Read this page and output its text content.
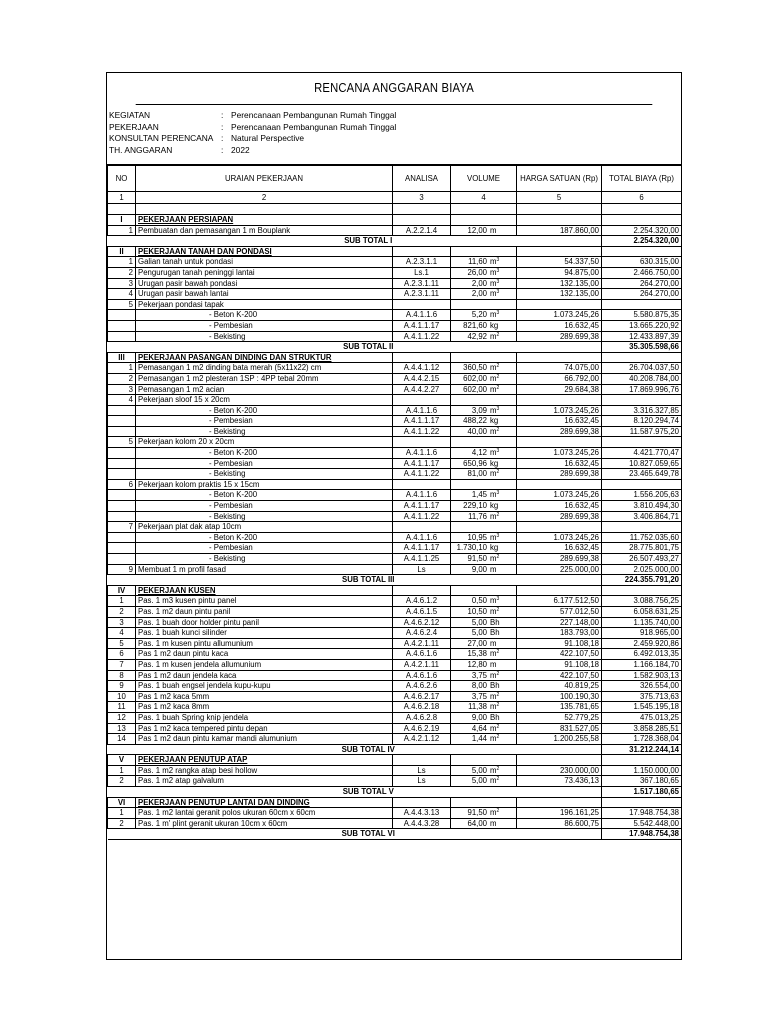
RENCANA ANGGARAN BIAYA
KEGIATAN	: Perencanaan Pembangunan Rumah Tinggal
PEKERJAAN	: Perencanaan Pembangunan Rumah Tinggal
KONSULTAN PERENCANA : Natural Perspective
TH. ANGGARAN	: 2022
NO	URAIAN PEKERJAAN	ANALISA	VOLUME	HARGA SATUAN (Rp)	TOTAL BIAYA (Rp)
1	2	3	4	5	6

I	PEKERJAAN PERSIAPAN				
1	Pembuatan dan pemasangan 1 m Bouplank	A.2.2.1.4	12,00 m	187.860,00	2.254.320,00
	SUB TOTAL I				2.254.320,00
II	PEKERJAAN TANAH DAN PONDASI				
1	Galian tanah untuk pondasi	A.2.3.1.1	11,60 $m^3$	54.337,50	630.315,00
2	Pengurugan tanah peninggi lantai	Ls.1	26,00 $m^3$	94.875,00	2.466.750,00
3	Urugan pasir bawah pondasi	A.2.3.1.11	2,00 $m^3$	132.135,00	264.270,00
4	Urugan pasir bawah lantai	A.2.3.1.11	2,00 $m^3$	132.135,00	264.270,00
5	Pekerjaan pondasi tapak				
	- Beton K-200	A.4.1.1.6	5,20 $m^3$	1.073.245,26	5.580.875,35
	- Pembesian	A.4.1.1.17	821,60 kg	16.632,45	13.665.220,92
	- Bekisting	A.4.1.1.22	42,92 $m^2$	289.699,38	12.433.897,39
	SUB TOTAL II				35.305.598,66
III	PEKERJAAN PASANGAN DINDING DAN STRUKTUR				
1	Pemasangan 1 m2 dinding bata merah (5x11x22) cm	A.4.4.1.12	360,50 $m^2$	74.075,00	26.704.037,50
2	Pemasangan 1 m2 plesteran 1SP : 4PP tebal 20mm	A.4.4.2.15	602,00 $m^2$	66.792,00	40.208.784,00
3	Pemasangan 1 m2 acian	A.4.4.2.27	602,00 $m^2$	29.684,38	17.869.996,76
4	Pekerjaan sloof 15 x 20cm				
	- Beton K-200	A.4.1.1.6	3,09 $m^3$	1.073.245,26	3.316.327,85
	- Pembesian	A.4.1.1.17	488,22 kg	16.632,45	8.120.294,74
	- Bekisting	A.4.1.1.22	40,00 $m^2$	289.699,38	11.587.975,20
5	Pekerjaan kolom 20 x 20cm				
	- Beton K-200	A.4.1.1.6	4,12 $m^3$	1.073.245,26	4.421.770,47
	- Pembesian	A.4.1.1.17	650,96 kg	16.632,45	10.827.059,65
	- Bekisting	A.4.1.1.22	81,00 $m^2$	289.699,38	23.465.649,78
6	Pekerjaan kolom praktis 15 x 15cm				
	- Beton K-200	A.4.1.1.6	1,45 $m^3$	1.073.245,26	1.556.205,63
	- Pembesian	A.4.1.1.17	229,10 kg	16.632,45	3.810.494,30
	- Bekisting	A.4.1.1.22	11,76 $m^2$	289.699,38	3.406.864,71
7	Pekerjaan plat dak atap 10cm				
	- Beton K-200	A.4.1.1.6	10,95 $m^3$	1.073.245,26	11.752.035,60
	- Pembesian	A.4.1.1.17	1.730,10 kg	16.632,45	28.775.801,75
	- Bekisting	A.4.1.1.25	91,50 $m^2$	289.699,38	26.507.493,27
9	Membuat 1 m profil fasad	Ls	9,00 m	225.000,00	2.025.000,00
	SUB TOTAL III				224.355.791,20
IV	PEKERJAAN KUSEN				
1	Pas. 1 m3 kusen pintu panel	A.4.6.1.2	0,50 $m^3$	6.177.512,50	3.088.756,25
2	Pas. 1 m2 daun pintu panil	A.4.6.1.5	10,50 $m^2$	577.012,50	6.058.631,25
3	Pas. 1 buah door holder pintu panil	A.4.6.2.12	5,00 Bh	227.148,00	1.135.740,00
4	Pas. 1 buah kunci silinder	A.4.6.2.4	5,00 Bh	183.793,00	918.965,00
5	Pas. 1 m kusen pintu allumunium	A.4.2.1.11	27,00 m	91.108,18	2.459.920,86
6	Pas 1 m2 daun pintu kaca	A.4.6.1.6	15,38 $m^2$	422.107,50	6.492.013,35
7	Pas. 1 m kusen jendela allumunium	A.4.2.1.11	12,80 m	91.108,18	1.166.184,70
8	Pas 1 m2 daun jendela kaca	A.4.6.1.6	3,75 $m^2$	422.107,50	1.582.903,13
9	Pas. 1 buah engsel jendela kupu-kupu	A.4.6.2.6	8,00 Bh	40.819,25	326.554,00
10	Pas 1 m2 kaca 5mm	A.4.6.2.17	3,75 $m^2$	100.190,30	375.713,63
11	Pas 1 m2 kaca 8mm	A.4.6.2.18	11,38 $m^2$	135.781,65	1.545.195,18
12	Pas. 1 buah Spring knip jendela	A.4.6.2.8	9,00 Bh	52.779,25	475.013,25
13	Pas 1 m2 kaca tempered pintu depan	A.4.6.2.19	4,64 $m^2$	831.527,05	3.858.285,51
14	Pas 1 m2 daun pintu kamar mandi alumunium	A.4.2.1.12	1,44 $m^2$	1.200.255,58	1.728.368,04
	SUB TOTAL IV				31.212.244,14
V	PEKERJAAN PENUTUP ATAP				
1	Pas. 1 m2 rangka atap besi hollow	Ls	5,00 $m^2$	230.000,00	1.150.000,00
2	Pas. 1 m2 atap galvalum	Ls	5,00 $m^2$	73.436,13	367.180,65
	SUB TOTAL V				1.517.180,65
VI	PEKERJAAN PENUTUP LANTAI DAN DINDING				
1	Pas. 1 m2 lantai geranit polos ukuran 60cm x 60cm	A.4.4.3.13	91,50 $m^2$	196.161,25	17.948.754,38
2	Pas. 1 m' plint geranit ukuran 10cm x 60cm	A.4.4.3.28	64,00 m	86.600,75	5.542.448,00
	SUB TOTAL VI				17.948.754,38
